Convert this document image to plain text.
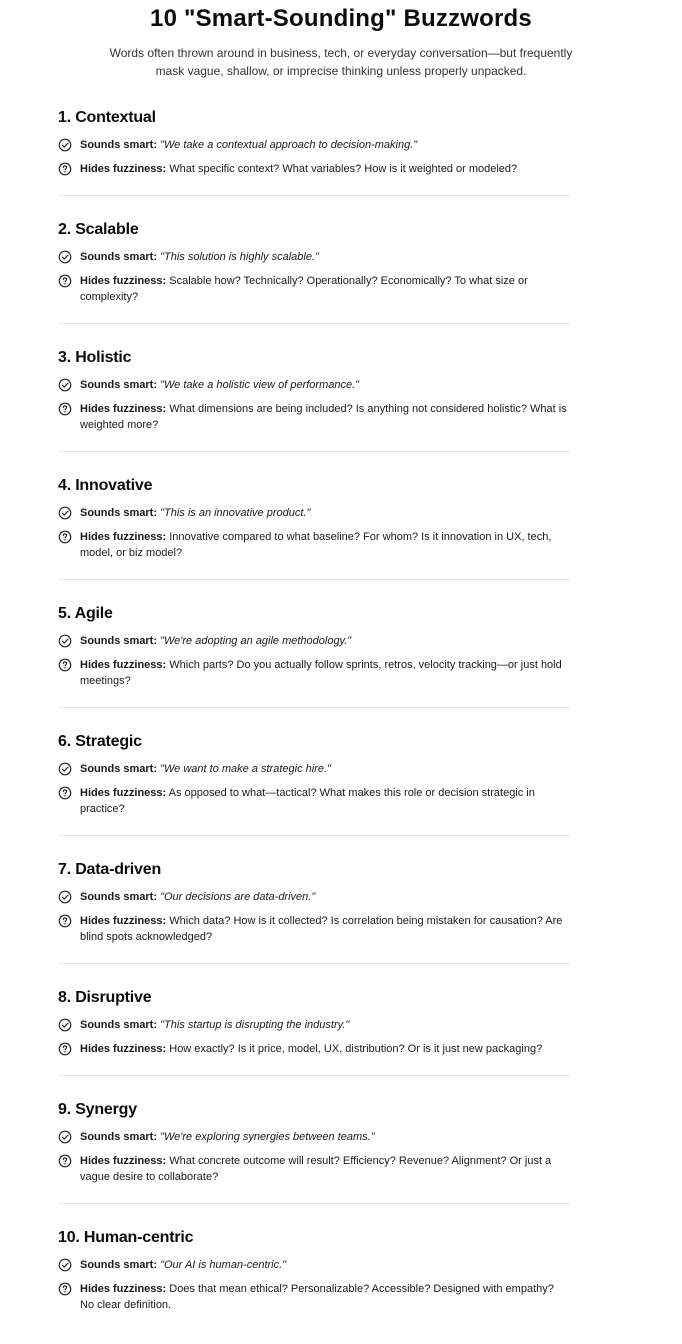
10 "Smart-Sounding" Buzzwords

Words often thrown around in business, tech, or everyday conversation—but frequently mask vague, shallow, or imprecise thinking unless properly unpacked.

1. Contextual
Sounds smart: "We take a contextual approach to decision-making."
Hides fuzziness: What specific context? What variables? How is it weighted or modeled?
2. Scalable
Sounds smart: "This solution is highly scalable."
Hides fuzziness: Scalable how? Technically? Operationally? Economically? To what size or complexity?
3. Holistic
Sounds smart: "We take a holistic view of performance."
Hides fuzziness: What dimensions are being included? Is anything not considered holistic? What is weighted more?
4. Innovative
Sounds smart: "This is an innovative product."
Hides fuzziness: Innovative compared to what baseline? For whom? Is it innovation in UX, tech, model, or biz model?
5. Agile
Sounds smart: "We're adopting an agile methodology."
Hides fuzziness: Which parts? Do you actually follow sprints, retros, velocity tracking—or just hold meetings?
6. Strategic
Sounds smart: "We want to make a strategic hire."
Hides fuzziness: As opposed to what—tactical? What makes this role or decision strategic in practice?
7. Data-driven
Sounds smart: "Our decisions are data-driven."
Hides fuzziness: Which data? How is it collected? Is correlation being mistaken for causation? Are blind spots acknowledged?
8. Disruptive
Sounds smart: "This startup is disrupting the industry."
Hides fuzziness: How exactly? Is it price, model, UX, distribution? Or is it just new packaging?
9. Synergy
Sounds smart: "We're exploring synergies between teams."
Hides fuzziness: What concrete outcome will result? Efficiency? Revenue? Alignment? Or just a vague desire to collaborate?
10. Human-centric
Sounds smart: "Our AI is human-centric."
Hides fuzziness: Does that mean ethical? Personalizable? Accessible? Designed with empathy? No clear definition.
